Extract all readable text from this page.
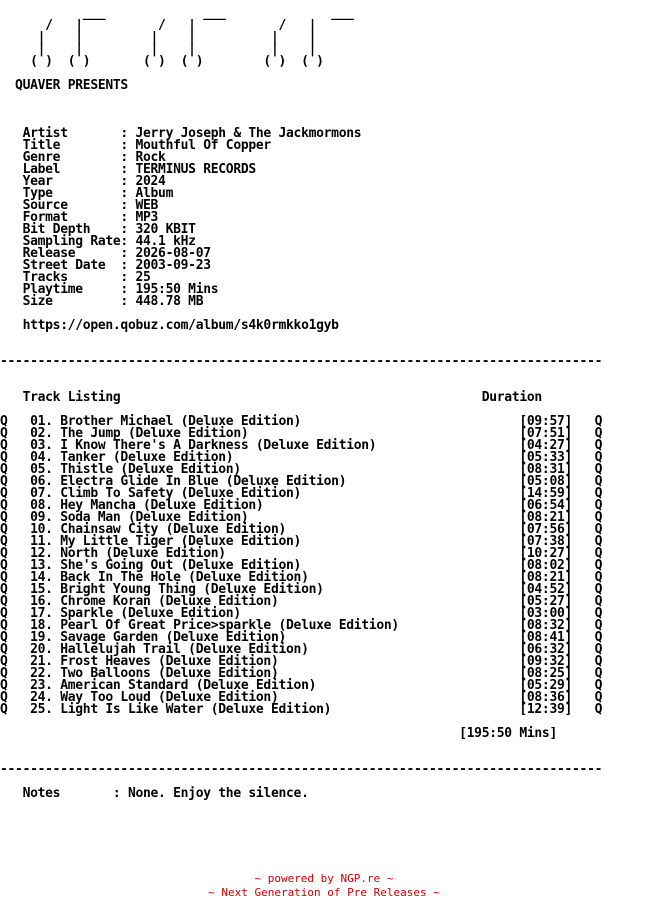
___             ___              ___
/   |          /   |           /   |
|    |         |    |          |    |
|    |         |    |          |    |
( )  ( )       ( )  ( )        ( )  ( )
QUAVER PRESENTS
Artist       : Jerry Joseph & The Jackmormons
Title        : Mouthful Of Copper
Genre        : Rock
Label        : TERMINUS RECORDS
Year         : 2024
Type         : Album
Source       : WEB
Format       : MP3
Bit Depth    : 320 KBIT
Sampling Rate: 44.1 kHz
Release      : 2026-08-07
Street Date  : 2003-09-23
Tracks       : 25
Playtime     : 195:50 Mins
Size         : 448.78 MB
https://open.qobuz.com/album/s4k0rmkko1gyb
--------------------------------------------------------------------------------
Track Listing                                                Duration
Q   01. Brother Michael (Deluxe Edition)                             [09:57]   Q
Q   02. The Jump (Deluxe Edition)                                    [07:51]   Q
Q   03. I Know There's A Darkness (Deluxe Edition)                   [04:27]   Q
Q   04. Tanker (Deluxe Edition)                                      [05:33]   Q
Q   05. Thistle (Deluxe Edition)                                     [08:31]   Q
Q   06. Electra Glide In Blue (Deluxe Edition)                       [05:08]   Q
Q   07. Climb To Safety (Deluxe Edition)                             [14:59]   Q
Q   08. Hey Mancha (Deluxe Edition)                                  [06:54]   Q
Q   09. Soda Man (Deluxe Edition)                                    [08:21]   Q
Q   10. Chainsaw City (Deluxe Edition)                               [07:56]   Q
Q   11. My Little Tiger (Deluxe Edition)                             [07:38]   Q
Q   12. North (Deluxe Edition)                                       [10:27]   Q
Q   13. She's Going Out (Deluxe Edition)                             [08:02]   Q
Q   14. Back In The Hole (Deluxe Edition)                            [08:21]   Q
Q   15. Bright Young Thing (Deluxe Edition)                          [04:52]   Q
Q   16. Chrome Koran (Deluxe Edition)                                [05:27]   Q
Q   17. Sparkle (Deluxe Edition)                                     [03:00]   Q
Q   18. Pearl Of Great Price>sparkle (Deluxe Edition)                [08:32]   Q
Q   19. Savage Garden (Deluxe Edition)                               [08:41]   Q
Q   20. Hallelujah Trail (Deluxe Edition)                            [06:32]   Q
Q   21. Frost Heaves (Deluxe Edition)                                [09:32]   Q
Q   22. Two Balloons (Deluxe Edition)                                [08:25]   Q
Q   23. American Standard (Deluxe Edition)                           [05:29]   Q
Q   24. Way Too Loud (Deluxe Edition)                                [08:36]   Q
Q   25. Light Is Like Water (Deluxe Edition)                         [12:39]   Q
[195:50 Mins]
--------------------------------------------------------------------------------
Notes       : None. Enjoy the silence.
~ powered by NGP.re ~
~ Next Generation of Pre Releases ~
